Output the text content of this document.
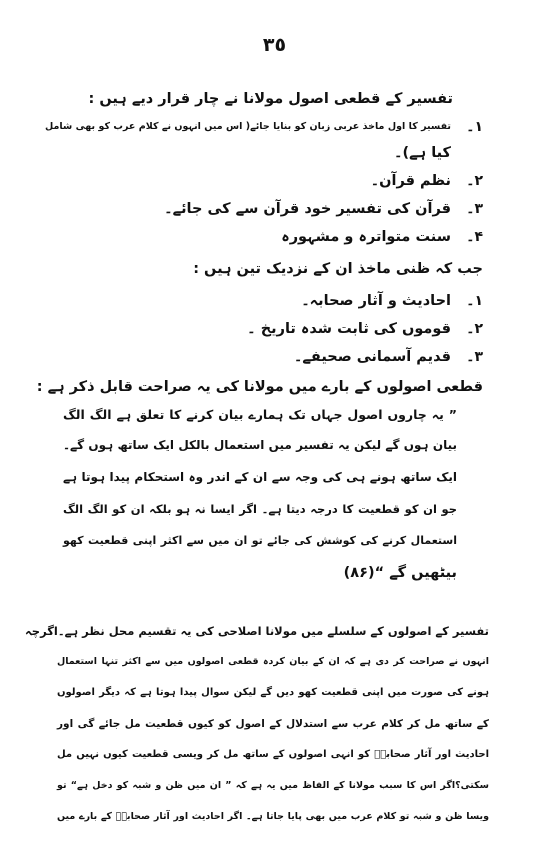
٣٥
تفسیر کے قطعی اصول مولانا نے چار قرار دیے ہیں :
۱۔
تفسیر کا اول ماخذ عربی زبان کو بنایا جائے( اس میں انہوں نے کلام عرب کو بھی شامل
کیا ہے)۔
۲۔
نظم قرآن۔
۳۔
قرآن کی تفسیر خود قرآن سے کی جائے۔
۴۔
سنت متواترہ و مشہورہ
جب کہ ظنی ماخذ ان کے نزدیک تین ہیں :
۱۔
احادیث و آثار صحابہ۔
۲۔
قوموں کی ثابت شدہ تاریخ ۔
۳۔
قدیم آسمانی صحیفے۔
قطعی اصولوں کے بارے میں مولانا کی یہ صراحت قابل ذکر ہے :
” یہ چاروں اصول جہاں تک ہمارے بیان کرنے کا تعلق ہے الگ الگ
بیان ہوں گے لیکن یہ تفسیر میں استعمال بالکل ایک ساتھ ہوں گے۔
ایک ساتھ ہونے ہی کی وجہ سے ان کے اندر وہ استحکام پیدا ہوتا ہے
جو ان کو قطعیت کا درجہ دیتا ہے۔ اگر ایسا نہ ہو بلکہ ان کو الگ الگ
استعمال کرنے کی کوشش کی جائے تو ان میں سے اکثر اپنی قطعیت کھو
بیٹھیں گے “(۸۶)
تفسیر کے اصولوں کے سلسلے میں مولانا اصلاحی کی یہ تقسیم محل نظر ہے۔اگرچہ
انہوں نے صراحت کر دی ہے کہ ان کے بیان کردہ قطعی اصولوں میں سے اکثر تنہا استعمال
ہونے کی صورت میں اپنی قطعیت کھو دیں گے لیکن سوال پیدا ہوتا ہے کہ دیگر اصولوں
کے ساتھ مل کر کلام عرب سے استدلال کے اصول کو کیوں قطعیت مل جائے گی اور
احادیث اور آثار صحابہؓ کو انہی اصولوں کے ساتھ مل کر ویسی قطعیت کیوں نہیں مل
سکتی؟اگر اس کا سبب مولانا کے الفاظ میں یہ ہے کہ ” ان میں ظن و شبہ کو دخل ہے“ تو
ویسا ظن و شبہ تو کلام عرب میں بھی پایا جاتا ہے۔ اگر احادیث اور آثار صحابہؓ کے بارے میں
